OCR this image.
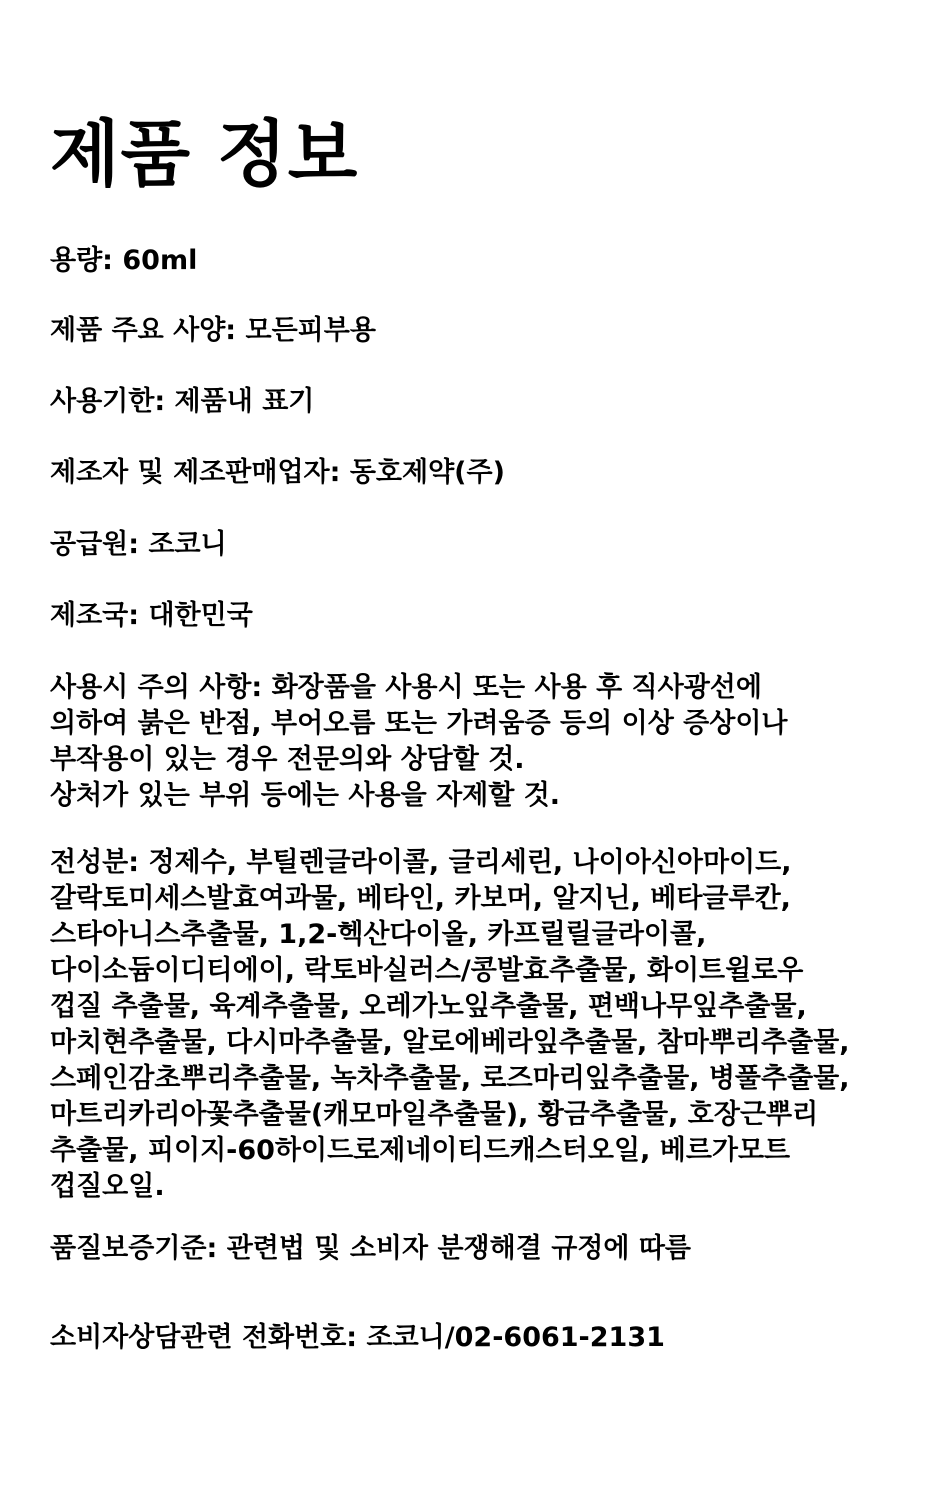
제품 정보

용량: 60ml

제품 주요 사양: 모든피부용

사용기한: 제품내 표기

제조자 및 제조판매업자: 동호제약(주)

공급원: 조코니

제조국: 대한민국

사용시 주의 사항: 화장품을 사용시 또는 사용 후 직사광선에
의하여 붉은 반점, 부어오름 또는 가려움증 등의 이상 증상이나
부작용이 있는 경우 전문의와 상담할 것.
상처가 있는 부위 등에는 사용을 자제할 것.

전성분: 정제수, 부틸렌글라이콜, 글리세린, 나이아신아마이드,
갈락토미세스발효여과물, 베타인, 카보머, 알지닌, 베타글루칸,
스타아니스추출물, 1,2-헥산다이올, 카프릴릴글라이콜,
다이소듐이디티에이, 락토바실러스/콩발효추출물, 화이트윌로우
껍질 추출물, 육계추출물, 오레가노잎추출물, 편백나무잎추출물,
마치현추출물, 다시마추출물, 알로에베라잎추출물, 참마뿌리추출물,
스페인감초뿌리추출물, 녹차추출물, 로즈마리잎추출물, 병풀추출물,
마트리카리아꽃추출물(캐모마일추출물), 황금추출물, 호장근뿌리
추출물, 피이지-60하이드로제네이티드캐스터오일, 베르가모트
껍질오일.

품질보증기준: 관련법 및 소비자 분쟁해결 규정에 따름

소비자상담관련 전화번호: 조코니/02-6061-2131
